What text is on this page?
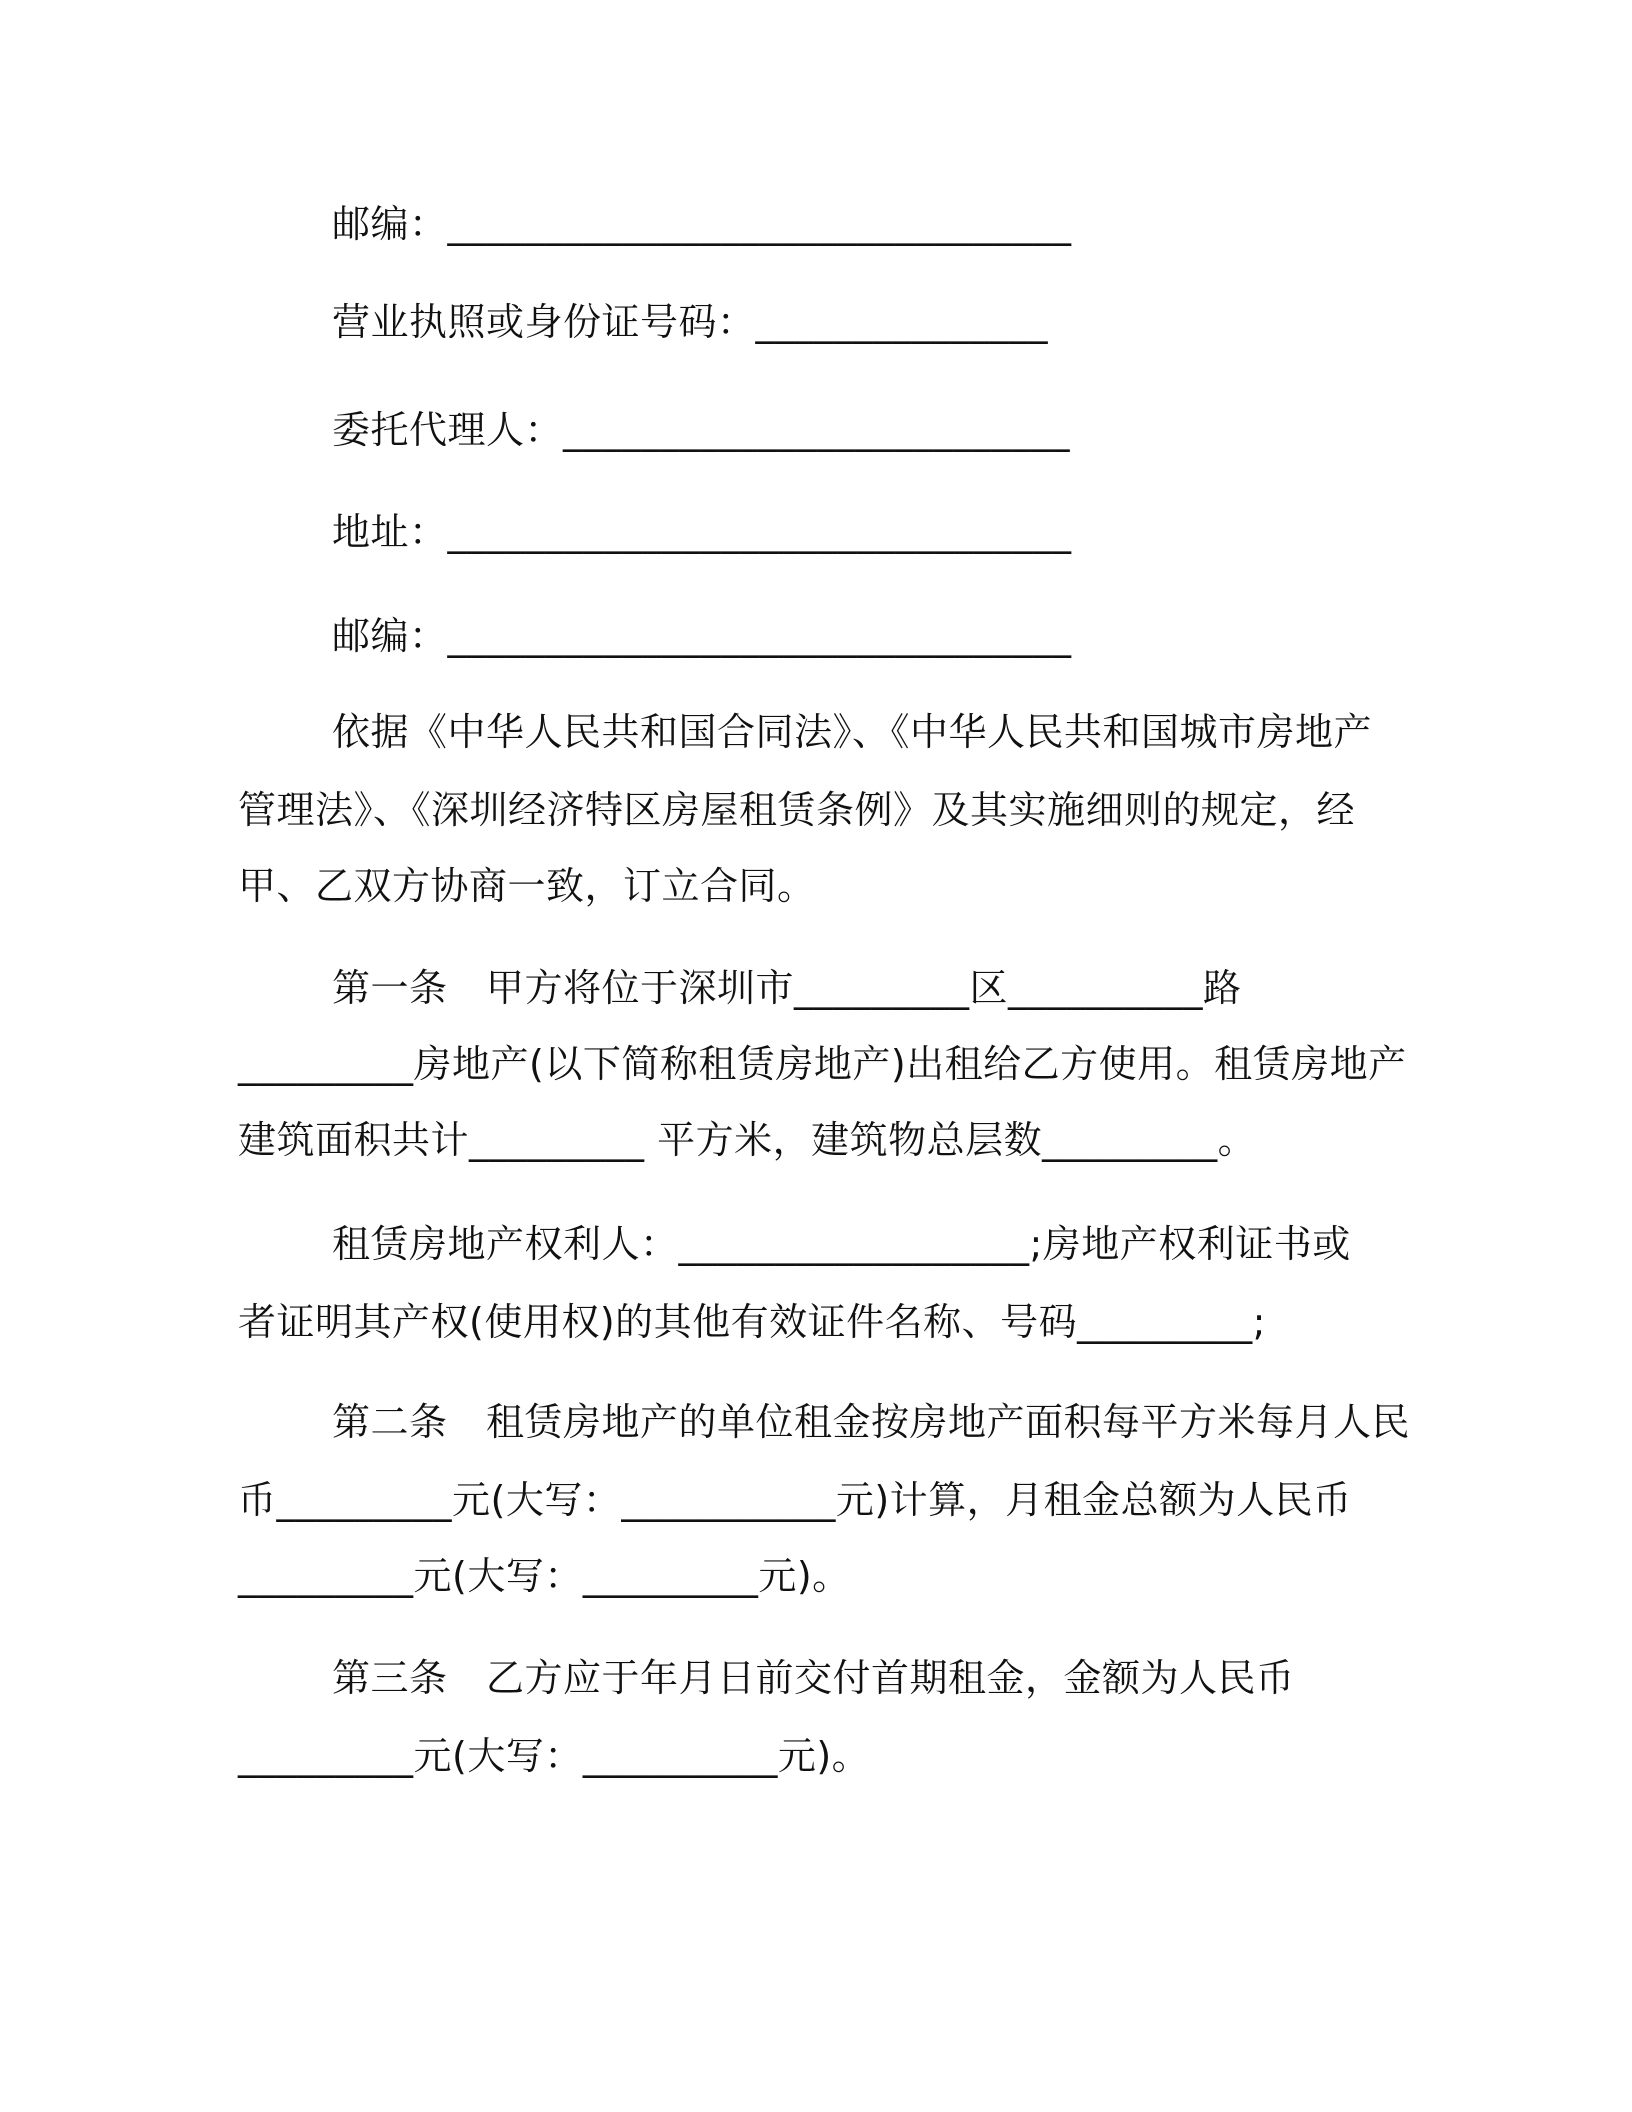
邮编：________________________________
营业执照或身份证号码：_______________
委托代理人：__________________________
地址：________________________________
邮编：________________________________
依据《中华人民共和国合同法》、《中华人民共和国城市房地产
管理法》、《深圳经济特区房屋租赁条例》及其实施细则的规定，经
甲、乙双方协商一致，订立合同。
第一条　甲方将位于深圳市_________区__________路
_________房地产(以下简称租赁房地产)出租给乙方使用。租赁房地产
建筑面积共计_________ 平方米，建筑物总层数_________。
租赁房地产权利人：__________________;房地产权利证书或
者证明其产权(使用权)的其他有效证件名称、号码_________;
第二条　租赁房地产的单位租金按房地产面积每平方米每月人民
币_________元(大写：___________元)计算，月租金总额为人民币
_________元(大写：_________元)。
第三条　乙方应于年月日前交付首期租金，金额为人民币
_________元(大写：__________元)。
